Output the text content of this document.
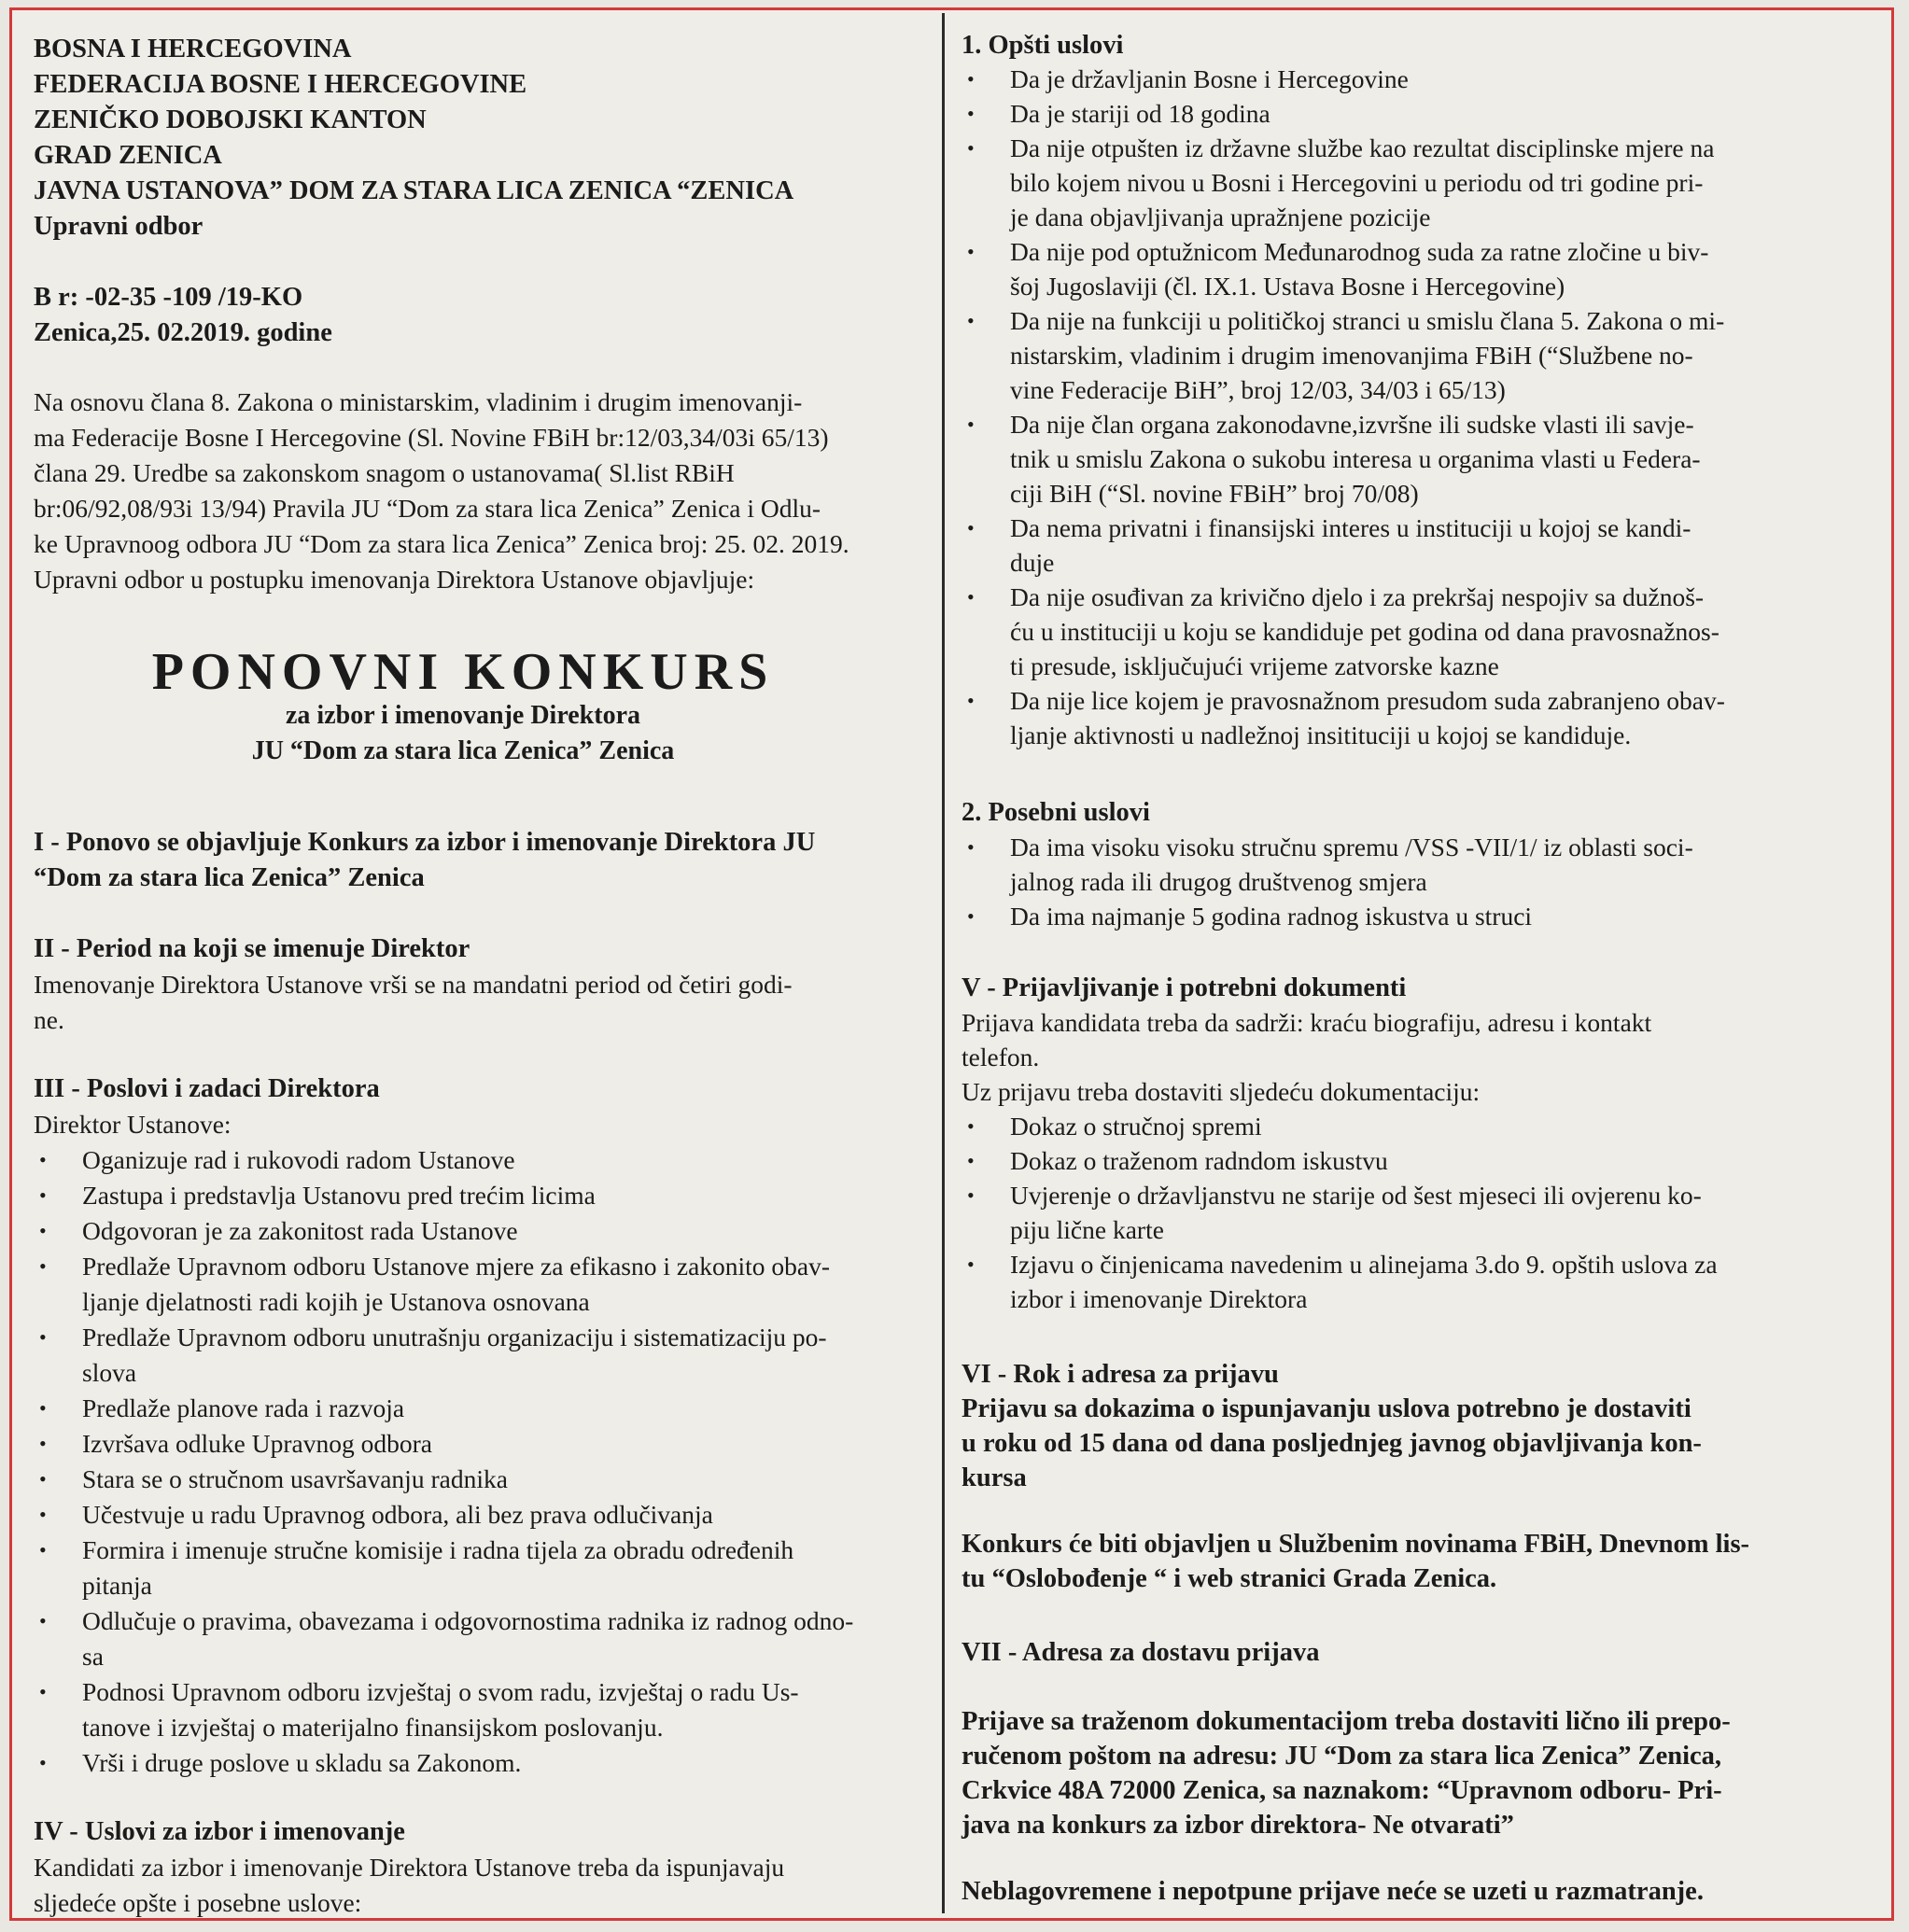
BOSNA I HERCEGOVINA
FEDERACIJA BOSNE I HERCEGOVINE
ZENIČKO DOBOJSKI KANTON
GRAD ZENICA
JAVNA USTANOVA” DOM ZA STARA LICA ZENICA “ZENICA
Upravni odbor
B r: -02-35 -109 /19-KO
Zenica,25. 02.2019. godine
Na osnovu člana 8. Zakona o ministarskim, vladinim i drugim imenovanji-
ma Federacije Bosne I Hercegovine (Sl. Novine FBiH br:12/03,34/03i 65/13)
člana 29. Uredbe sa zakonskom snagom o ustanovama( Sl.list RBiH
br:06/92,08/93i 13/94) Pravila JU “Dom za stara lica Zenica” Zenica i Odlu-
ke Upravnoog odbora JU “Dom za stara lica Zenica” Zenica broj: 25. 02. 2019.
Upravni odbor u postupku imenovanja Direktora Ustanove objavljuje:
PONOVNI KONKURS
za izbor i imenovanje Direktora
JU “Dom za stara lica Zenica” Zenica
I - Ponovo se objavljuje Konkurs za izbor i imenovanje Direktora JU
“Dom za stara lica Zenica” Zenica
II - Period na koji se imenuje Direktor
Imenovanje Direktora Ustanove vrši se na mandatni period od četiri godi-
ne.
III - Poslovi i zadaci Direktora
Direktor Ustanove:
• Oganizuje rad i rukovodi radom Ustanove
• Zastupa i predstavlja Ustanovu pred trećim licima
• Odgovoran je za zakonitost rada Ustanove
• Predlaže Upravnom odboru Ustanove mjere za efikasno i zakonito obav-
ljanje djelatnosti radi kojih je Ustanova osnovana
• Predlaže Upravnom odboru unutrašnju organizaciju i sistematizaciju po-
slova
• Predlaže planove rada i razvoja
• Izvršava odluke Upravnog odbora
• Stara se o stručnom usavršavanju radnika
• Učestvuje u radu Upravnog odbora, ali bez prava odlučivanja
• Formira i imenuje stručne komisije i radna tijela za obradu određenih
pitanja
• Odlučuje o pravima, obavezama i odgovornostima radnika iz radnog odno-
sa
• Podnosi Upravnom odboru izvještaj o svom radu, izvještaj o radu Us-
tanove i izvještaj o materijalno finansijskom poslovanju.
• Vrši i druge poslove u skladu sa Zakonom.
IV - Uslovi za izbor i imenovanje
Kandidati za izbor i imenovanje Direktora Ustanove treba da ispunjavaju
sljedeće opšte i posebne uslove:
1. Opšti uslovi
• Da je državljanin Bosne i Hercegovine
• Da je stariji od 18 godina
• Da nije otpušten iz državne službe kao rezultat disciplinske mjere na
bilo kojem nivou u Bosni i Hercegovini u periodu od tri godine pri-
je dana objavljivanja upražnjene pozicije
• Da nije pod optužnicom Međunarodnog suda za ratne zločine u biv-
šoj Jugoslaviji (čl. IX.1. Ustava Bosne i Hercegovine)
• Da nije na funkciji u političkoj stranci u smislu člana 5. Zakona o mi-
nistarskim, vladinim i drugim imenovanjima FBiH (“Službene no-
vine Federacije BiH”, broj 12/03, 34/03 i 65/13)
• Da nije član organa zakonodavne,izvršne ili sudske vlasti ili savje-
tnik u smislu Zakona o sukobu interesa u organima vlasti u Federa-
ciji BiH (“Sl. novine FBiH” broj 70/08)
• Da nema privatni i finansijski interes u instituciji u kojoj se kandi-
duje
• Da nije osuđivan za krivično djelo i za prekršaj nespojiv sa dužnoš-
ću u instituciji u koju se kandiduje pet godina od dana pravosnažnos-
ti presude, isključujući vrijeme zatvorske kazne
• Da nije lice kojem je pravosnažnom presudom suda zabranjeno obav-
ljanje aktivnosti u nadležnoj insitituciji u kojoj se kandiduje.
2. Posebni uslovi
• Da ima visoku visoku stručnu spremu /VSS -VII/1/ iz oblasti soci-
jalnog rada ili drugog društvenog smjera
• Da ima najmanje 5 godina radnog iskustva u struci
V - Prijavljivanje i potrebni dokumenti
Prijava kandidata treba da sadrži: kraću biografiju, adresu i kontakt
telefon.
Uz prijavu treba dostaviti sljedeću dokumentaciju:
• Dokaz o stručnoj spremi
• Dokaz o traženom radndom iskustvu
• Uvjerenje o državljanstvu ne starije od šest mjeseci ili ovjerenu ko-
piju lične karte
• Izjavu o činjenicama navedenim u alinejama 3.do 9. opštih uslova za
izbor i imenovanje Direktora
VI - Rok i adresa za prijavu
Prijavu sa dokazima o ispunjavanju uslova potrebno je dostaviti
u roku od 15 dana od dana posljednjeg javnog objavljivanja kon-
kursa
Konkurs će biti objavljen u Službenim novinama FBiH, Dnevnom lis-
tu “Oslobođenje “ i web stranici Grada Zenica.
VII - Adresa za dostavu prijava
Prijave sa traženom dokumentacijom treba dostaviti lično ili prepo-
ručenom poštom na adresu: JU “Dom za stara lica Zenica” Zenica,
Crkvice 48A 72000 Zenica, sa naznakom: “Upravnom odboru- Pri-
java na konkurs za izbor direktora- Ne otvarati”
Neblagovremene i nepotpune prijave neće se uzeti u razmatranje.
